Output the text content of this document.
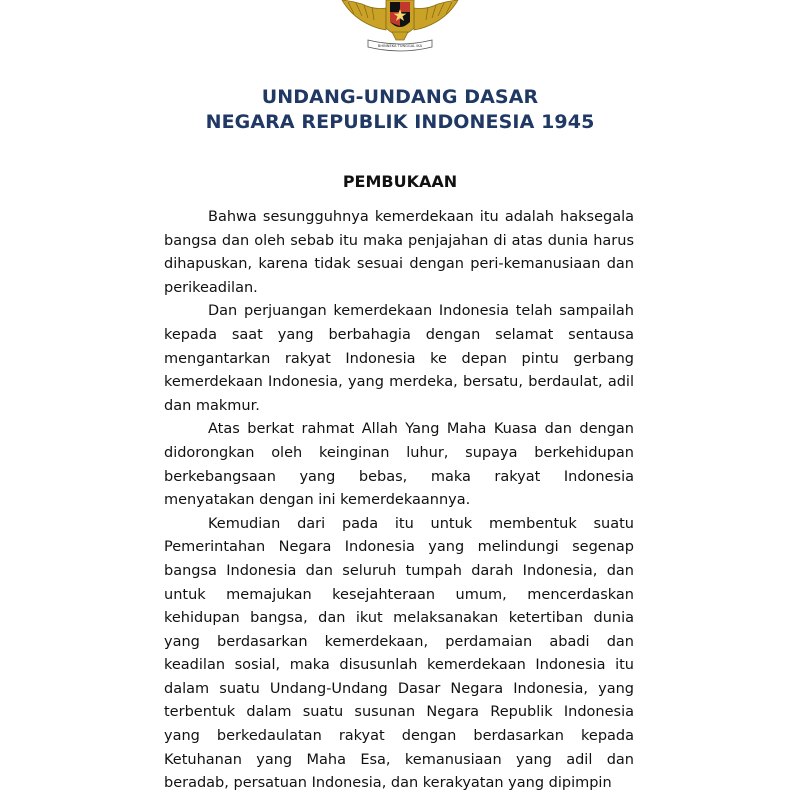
BHINNEKA TUNGGAL IKA
UNDANG-UNDANG DASAR
NEGARA REPUBLIK INDONESIA 1945
PEMBUKAAN

Bahwa sesungguhnya kemerdekaan itu adalah haksegala bangsa dan oleh sebab itu maka penjajahan di atas dunia harus dihapuskan, karena tidak sesuai dengan peri-kemanusiaan dan perikeadilan.

Dan perjuangan kemerdekaan Indonesia telah sampailah kepada saat yang berbahagia dengan selamat sentausa mengantarkan rakyat Indonesia ke depan pintu gerbang kemerdekaan Indonesia, yang merdeka, bersatu, berdaulat, adil dan makmur.

Atas berkat rahmat Allah Yang Maha Kuasa dan dengan didorongkan oleh keinginan luhur, supaya berkehidupan berkebangsaan yang bebas, maka rakyat Indonesia menyatakan dengan ini kemerdekaannya.

Kemudian dari pada itu untuk membentuk suatu Pemerintahan Negara Indonesia yang melindungi segenap bangsa Indonesia dan seluruh tumpah darah Indonesia, dan untuk memajukan kesejahteraan umum, mencerdaskan kehidupan bangsa, dan ikut melaksanakan ketertiban dunia yang berdasarkan kemerdekaan, perdamaian abadi dan keadilan sosial, maka disusunlah kemerdekaan Indonesia itu dalam suatu Undang-Undang Dasar Negara Indonesia, yang terbentuk dalam suatu susunan Negara Republik Indonesia yang berkedaulatan rakyat dengan berdasarkan kepada Ketuhanan yang Maha Esa, kemanusiaan yang adil dan beradab, persatuan Indonesia, dan kerakyatan yang dipimpin
